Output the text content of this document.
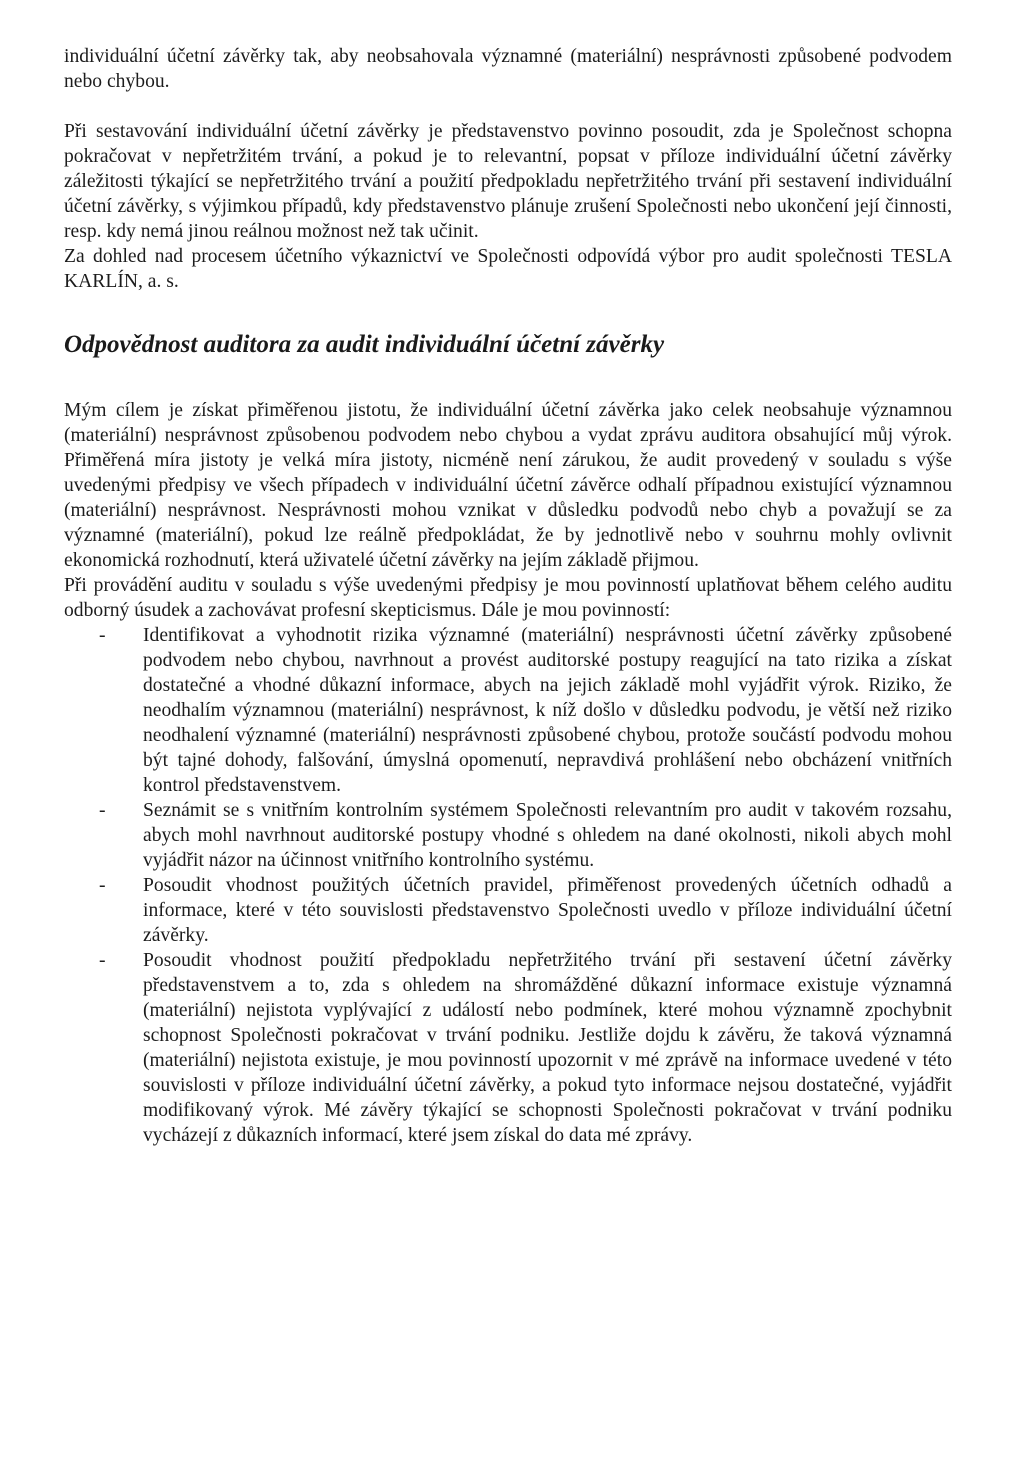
individuální účetní závěrky tak, aby neobsahovala významné (materiální) nesprávnosti způsobené podvodem nebo chybou.

Při sestavování individuální účetní závěrky je představenstvo povinno posoudit, zda je Společnost schopna pokračovat v nepřetržitém trvání, a pokud je to relevantní, popsat v příloze individuální účetní závěrky záležitosti týkající se nepřetržitého trvání a použití předpokladu nepřetržitého trvání při sestavení individuální účetní závěrky, s výjimkou případů, kdy představenstvo plánuje zrušení Společnosti nebo ukončení její činnosti, resp. kdy nemá jinou reálnou možnost než tak učinit.

Za dohled nad procesem účetního výkaznictví ve Společnosti odpovídá výbor pro audit společnosti TESLA KARLÍN, a. s.

Odpovědnost auditora za audit individuální účetní závěrky

Mým cílem je získat přiměřenou jistotu, že individuální účetní závěrka jako celek neobsahuje významnou (materiální) nesprávnost způsobenou podvodem nebo chybou a vydat zprávu auditora obsahující můj výrok. Přiměřená míra jistoty je velká míra jistoty, nicméně není zárukou, že audit provedený v souladu s výše uvedenými předpisy ve všech případech v individuální účetní závěrce odhalí případnou existující významnou (materiální) nesprávnost. Nesprávnosti mohou vznikat v důsledku podvodů nebo chyb a považují se za významné (materiální), pokud lze reálně předpokládat, že by jednotlivě nebo v souhrnu mohly ovlivnit ekonomická rozhodnutí, která uživatelé účetní závěrky na jejím základě přijmou.

Při provádění auditu v souladu s výše uvedenými předpisy je mou povinností uplatňovat během celého auditu odborný úsudek a zachovávat profesní skepticismus. Dále je mou povinností:

- Identifikovat a vyhodnotit rizika významné (materiální) nesprávnosti účetní závěrky způsobené podvodem nebo chybou, navrhnout a provést auditorské postupy reagující na tato rizika a získat dostatečné a vhodné důkazní informace, abych na jejich základě mohl vyjádřit výrok. Riziko, že neodhalím významnou (materiální) nesprávnost, k níž došlo v důsledku podvodu, je větší než riziko neodhalení významné (materiální) nesprávnosti způsobené chybou, protože součástí podvodu mohou být tajné dohody, falšování, úmyslná opomenutí, nepravdivá prohlášení nebo obcházení vnitřních kontrol představenstvem.

- Seznámit se s vnitřním kontrolním systémem Společnosti relevantním pro audit v takovém rozsahu, abych mohl navrhnout auditorské postupy vhodné s ohledem na dané okolnosti, nikoli abych mohl vyjádřit názor na účinnost vnitřního kontrolního systému.

- Posoudit vhodnost použitých účetních pravidel, přiměřenost provedených účetních odhadů a informace, které v této souvislosti představenstvo Společnosti uvedlo v příloze individuální účetní závěrky.

- Posoudit vhodnost použití předpokladu nepřetržitého trvání při sestavení účetní závěrky představenstvem a to, zda s ohledem na shromážděné důkazní informace existuje významná (materiální) nejistota vyplývající z událostí nebo podmínek, které mohou významně zpochybnit schopnost Společnosti pokračovat v trvání podniku. Jestliže dojdu k závěru, že taková významná (materiální) nejistota existuje, je mou povinností upozornit v mé zprávě na informace uvedené v této souvislosti v příloze individuální účetní závěrky, a pokud tyto informace nejsou dostatečné, vyjádřit modifikovaný výrok. Mé závěry týkající se schopnosti Společnosti pokračovat v trvání podniku vycházejí z důkazních informací, které jsem získal do data mé zprávy.
